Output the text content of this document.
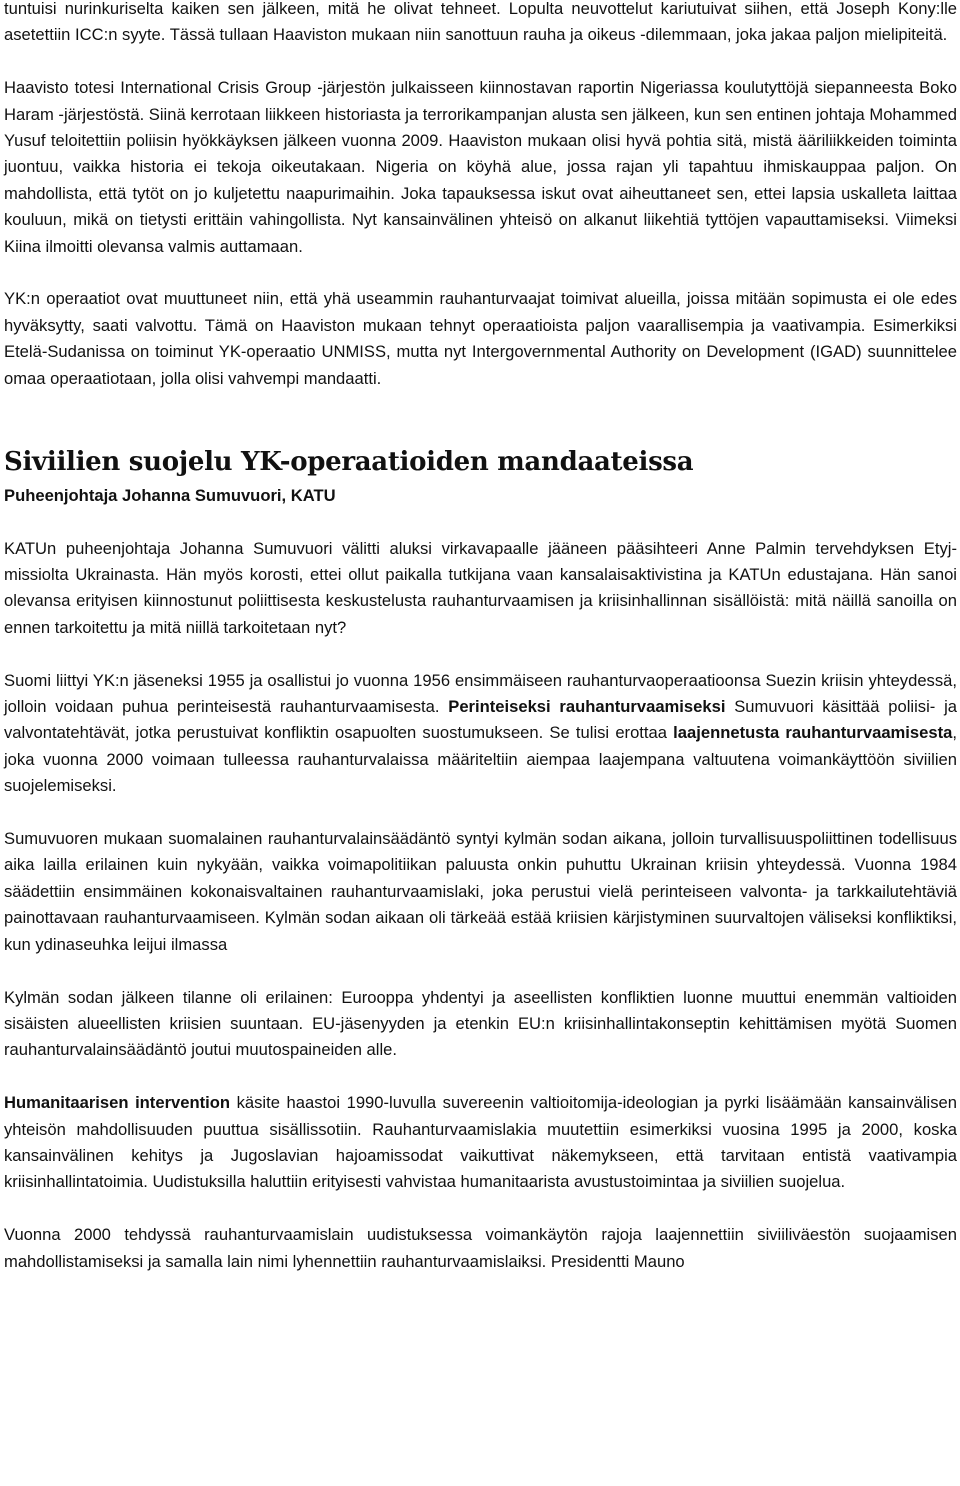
tuntuisi nurinkuriselta kaiken sen jälkeen, mitä he olivat tehneet. Lopulta neuvottelut kariutuivat siihen, että Joseph Kony:lle asetettiin ICC:n syyte. Tässä tullaan Haaviston mukaan niin sanottuun rauha ja oikeus -dilemmaan, joka jakaa paljon mielipiteitä.

Haavisto totesi International Crisis Group -järjestön julkaisseen kiinnostavan raportin Nigeriassa koulutyttöjä siepanneesta Boko Haram -järjestöstä. Siinä kerrotaan liikkeen historiasta ja terrorikampanjan alusta sen jälkeen, kun sen entinen johtaja Mohammed Yusuf teloitettiin poliisin hyökkäyksen jälkeen vuonna 2009. Haaviston mukaan olisi hyvä pohtia sitä, mistä ääriliikkeiden toiminta juontuu, vaikka historia ei tekoja oikeutakaan. Nigeria on köyhä alue, jossa rajan yli tapahtuu ihmiskauppaa paljon. On mahdollista, että tytöt on jo kuljetettu naapurimaihin. Joka tapauksessa iskut ovat aiheuttaneet sen, ettei lapsia uskalleta laittaa kouluun, mikä on tietysti erittäin vahingollista. Nyt kansainvälinen yhteisö on alkanut liikehtiä tyttöjen vapauttamiseksi. Viimeksi Kiina ilmoitti olevansa valmis auttamaan.

YK:n operaatiot ovat muuttuneet niin, että yhä useammin rauhanturvaajat toimivat alueilla, joissa mitään sopimusta ei ole edes hyväksytty, saati valvottu. Tämä on Haaviston mukaan tehnyt operaatioista paljon vaarallisempia ja vaativampia. Esimerkiksi Etelä-Sudanissa on toiminut YK-operaatio UNMISS, mutta nyt Intergovernmental Authority on Development (IGAD) suunnittelee omaa operaatiotaan, jolla olisi vahvempi mandaatti.

Siviilien suojelu YK-operaatioiden mandaateissa
Puheenjohtaja Johanna Sumuvuori, KATU

KATUn puheenjohtaja Johanna Sumuvuori välitti aluksi virkavapaalle jääneen pääsihteeri Anne Palmin tervehdyksen Etyj-missiolta Ukrainasta. Hän myös korosti, ettei ollut paikalla tutkijana vaan kansalaisaktivistina ja KATUn edustajana. Hän sanoi olevansa erityisen kiinnostunut poliittisesta keskustelusta rauhanturvaamisen ja kriisinhallinnan sisällöistä: mitä näillä sanoilla on ennen tarkoitettu ja mitä niillä tarkoitetaan nyt?

Suomi liittyi YK:n jäseneksi 1955 ja osallistui jo vuonna 1956 ensimmäiseen rauhanturvaoperaatioonsa Suezin kriisin yhteydessä, jolloin voidaan puhua perinteisestä rauhanturvaamisesta. Perinteiseksi rauhanturvaamiseksi Sumuvuori käsittää poliisi- ja valvontatehtävät, jotka perustuivat konfliktin osapuolten suostumukseen. Se tulisi erottaa laajennetusta rauhanturvaamisesta, joka vuonna 2000 voimaan tulleessa rauhanturvalaissa määriteltiin aiempaa laajempana valtuutena voimankäyttöön siviilien suojelemiseksi.

Sumuvuoren mukaan suomalainen rauhanturvalainsäädäntö syntyi kylmän sodan aikana, jolloin turvallisuuspoliittinen todellisuus aika lailla erilainen kuin nykyään, vaikka voimapolitiikan paluusta onkin puhuttu Ukrainan kriisin yhteydessä. Vuonna 1984 säädettiin ensimmäinen kokonaisvaltainen rauhanturvaamislaki, joka perustui vielä perinteiseen valvonta- ja tarkkailutehtäviä painottavaan rauhanturvaamiseen. Kylmän sodan aikaan oli tärkeää estää kriisien kärjistyminen suurvaltojen väliseksi konfliktiksi, kun ydinaseuhka leijui ilmassa

Kylmän sodan jälkeen tilanne oli erilainen: Eurooppa yhdentyi ja aseellisten konfliktien luonne muuttui enemmän valtioiden sisäisten alueellisten kriisien suuntaan. EU-jäsenyyden ja etenkin EU:n kriisinhallintakonseptin kehittämisen myötä Suomen rauhanturvalainsäädäntö joutui muutospaineiden alle.

Humanitaarisen intervention käsite haastoi 1990-luvulla suvereenin valtioitomija-ideologian ja pyrki lisäämään kansainvälisen yhteisön mahdollisuuden puuttua sisällissotiin. Rauhanturvaamislakia muutettiin esimerkiksi vuosina 1995 ja 2000, koska kansainvälinen kehitys ja Jugoslavian hajoamissodat vaikuttivat näkemykseen, että tarvitaan entistä vaativampia kriisinhallintatoimia. Uudistuksilla haluttiin erityisesti vahvistaa humanitaarista avustustoimintaa ja siviilien suojelua.

Vuonna 2000 tehdyssä rauhanturvaamislain uudistuksessa voimankäytön rajoja laajennettiin siviiliväestön suojaamisen mahdollistamiseksi ja samalla lain nimi lyhennettiin rauhanturvaamislaiksi. Presidentti Mauno
